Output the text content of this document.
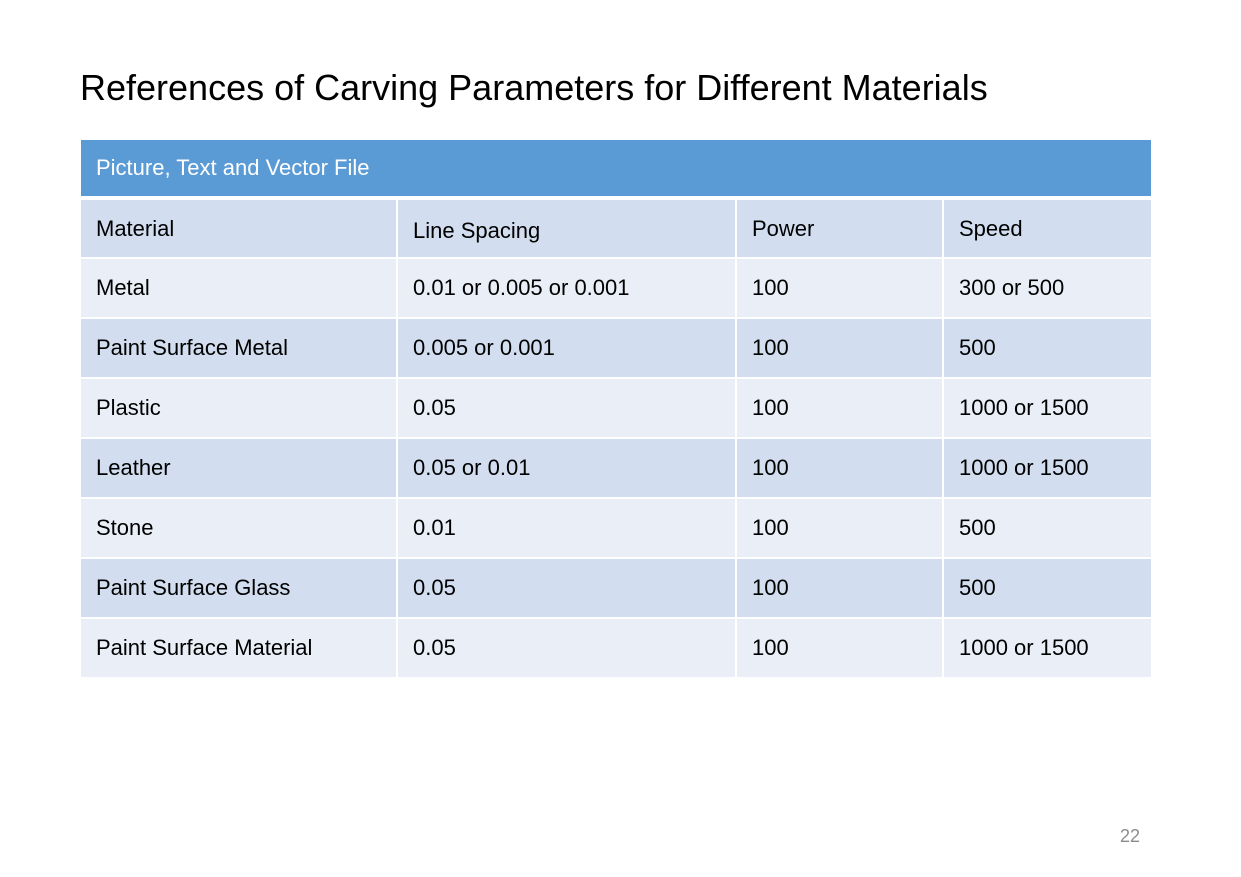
References of Carving Parameters for Different Materials
Picture, Text and Vector File			
Material	Line Spacing	Power	Speed
Metal	0.01 or 0.005 or 0.001	100	300 or 500
Paint Surface Metal	0.005 or 0.001	100	500
Plastic	0.05	100	1000 or 1500
Leather	0.05 or 0.01	100	1000 or 1500
Stone	0.01	100	500
Paint Surface Glass	0.05	100	500
Paint Surface Material	0.05	100	1000 or 1500
22
